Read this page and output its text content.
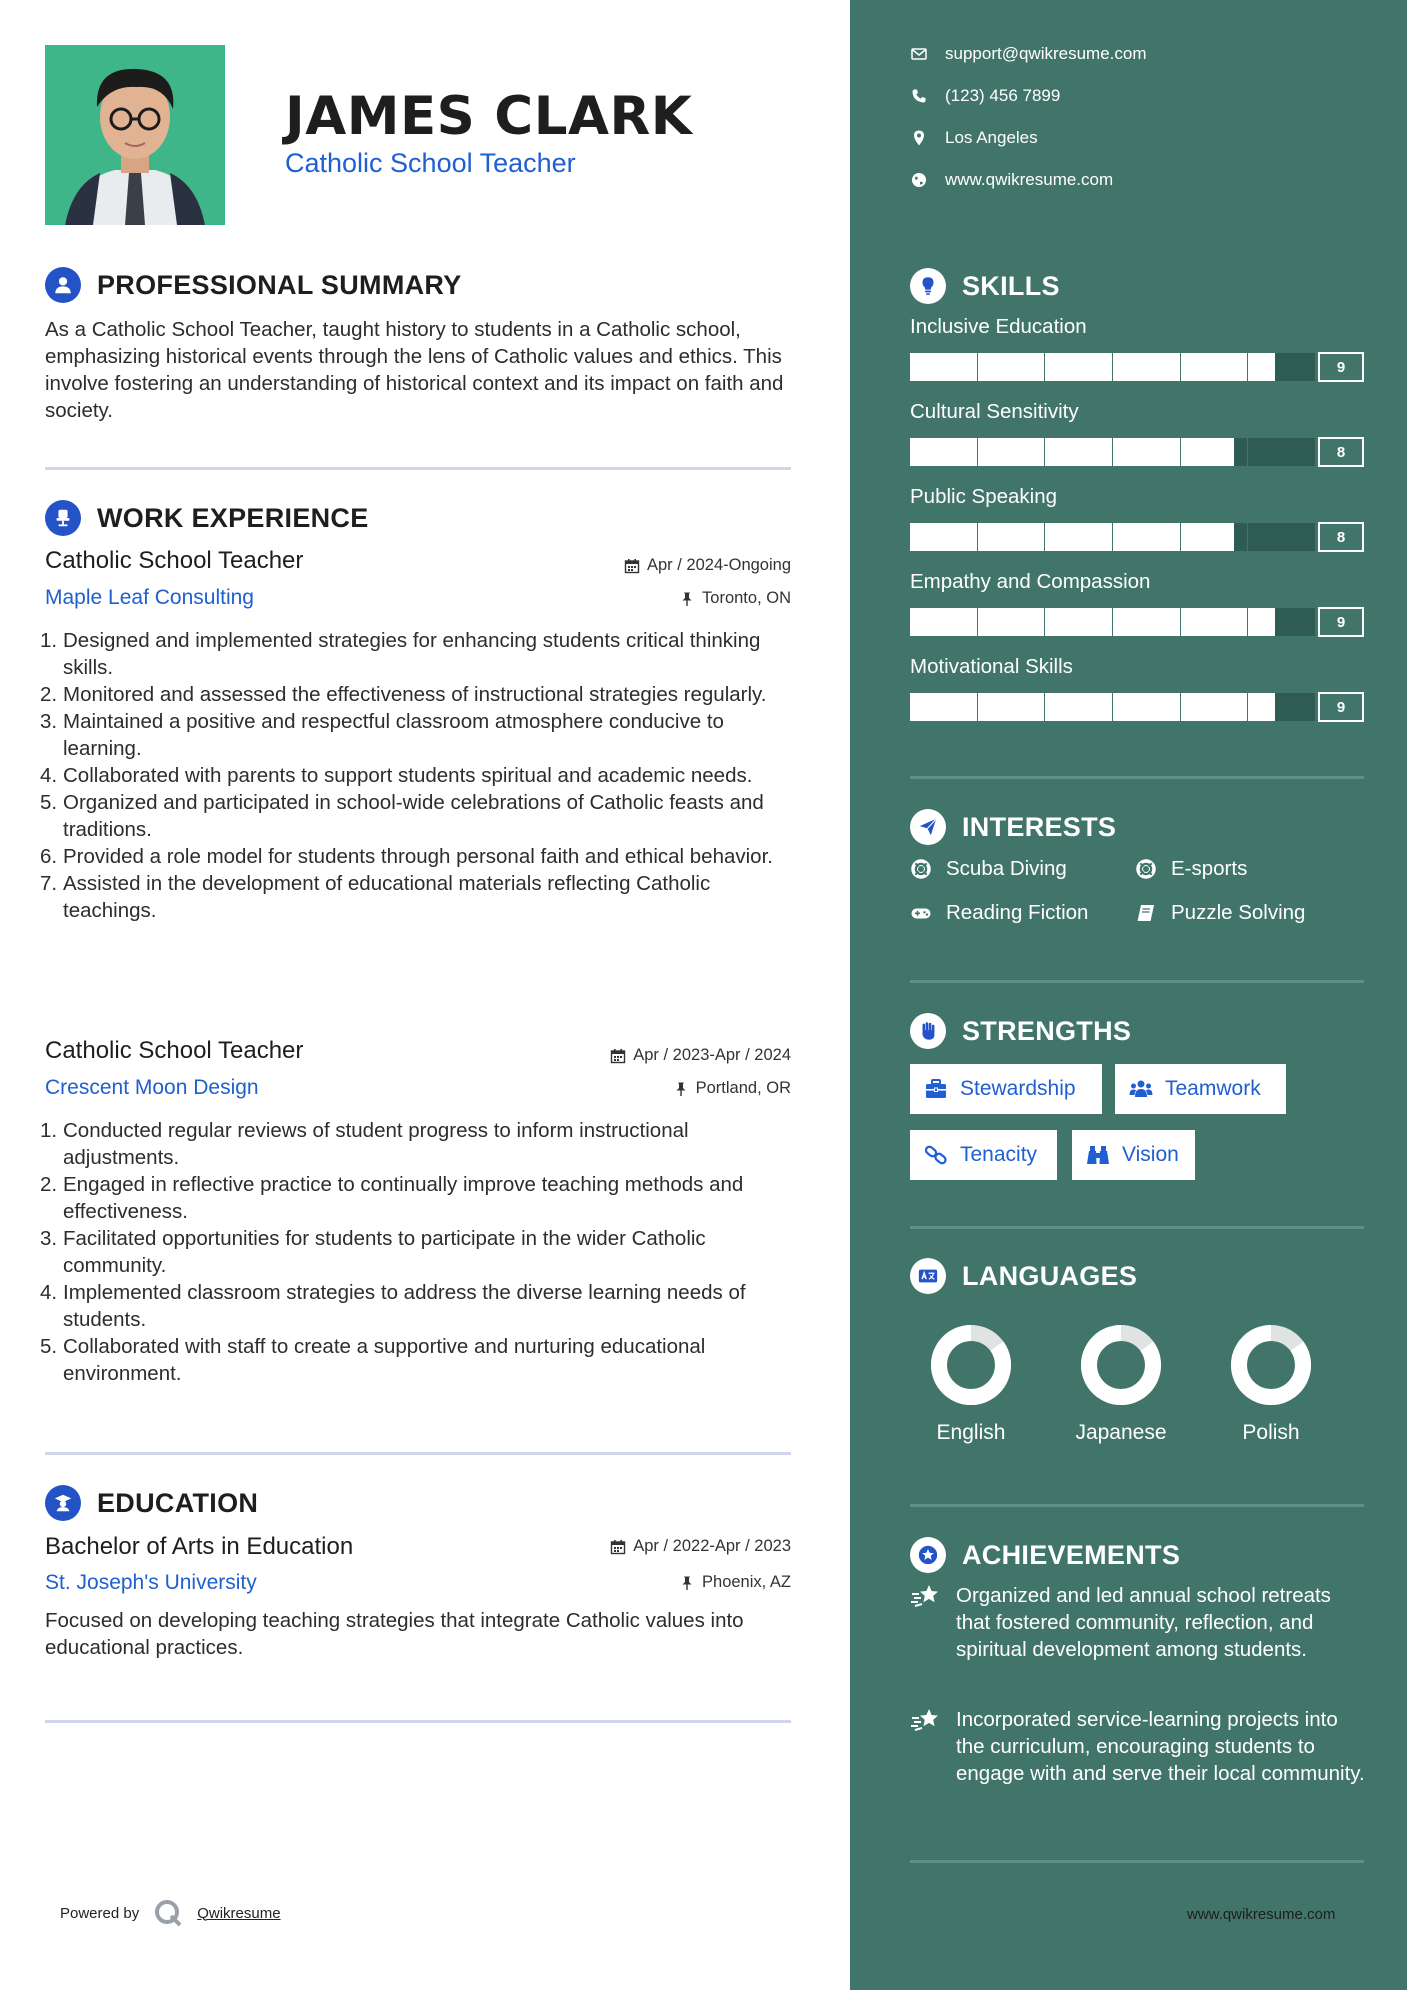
JAMES CLARK
Catholic School Teacher
PROFESSIONAL SUMMARY
As a Catholic School Teacher, taught history to students in a Catholic school, emphasizing historical events through the lens of Catholic values and ethics. This involve fostering an understanding of historical context and its impact on faith and society.
WORK EXPERIENCE
Catholic School Teacher	Apr / 2024-Ongoing
Maple Leaf Consulting	Toronto, ON
1. Designed and implemented strategies for enhancing students critical thinking skills.
2. Monitored and assessed the effectiveness of instructional strategies regularly.
3. Maintained a positive and respectful classroom atmosphere conducive to learning.
4. Collaborated with parents to support students spiritual and academic needs.
5. Organized and participated in school-wide celebrations of Catholic feasts and traditions.
6. Provided a role model for students through personal faith and ethical behavior.
7. Assisted in the development of educational materials reflecting Catholic teachings.
Catholic School Teacher	Apr / 2023-Apr / 2024
Crescent Moon Design	Portland, OR
1. Conducted regular reviews of student progress to inform instructional adjustments.
2. Engaged in reflective practice to continually improve teaching methods and effectiveness.
3. Facilitated opportunities for students to participate in the wider Catholic community.
4. Implemented classroom strategies to address the diverse learning needs of students.
5. Collaborated with staff to create a supportive and nurturing educational environment.
EDUCATION
Bachelor of Arts in Education	Apr / 2022-Apr / 2023
St. Joseph's University	Phoenix, AZ
Focused on developing teaching strategies that integrate Catholic values into educational practices.
Powered by	Qwikresume
support@qwikresume.com
(123) 456 7899
Los Angeles
www.qwikresume.com
SKILLS
Inclusive Education
9
Cultural Sensitivity
8
Public Speaking
8
Empathy and Compassion
9
Motivational Skills
9
INTERESTS
Scuba Diving	E-sports
Reading Fiction	Puzzle Solving
STRENGTHS
Stewardship	Teamwork
Tenacity	Vision
LANGUAGES
English	Japanese	Polish
ACHIEVEMENTS
Organized and led annual school retreats that fostered community, reflection, and spiritual development among students.
Incorporated service-learning projects into the curriculum, encouraging students to engage with and serve their local community.
www.qwikresume.com
